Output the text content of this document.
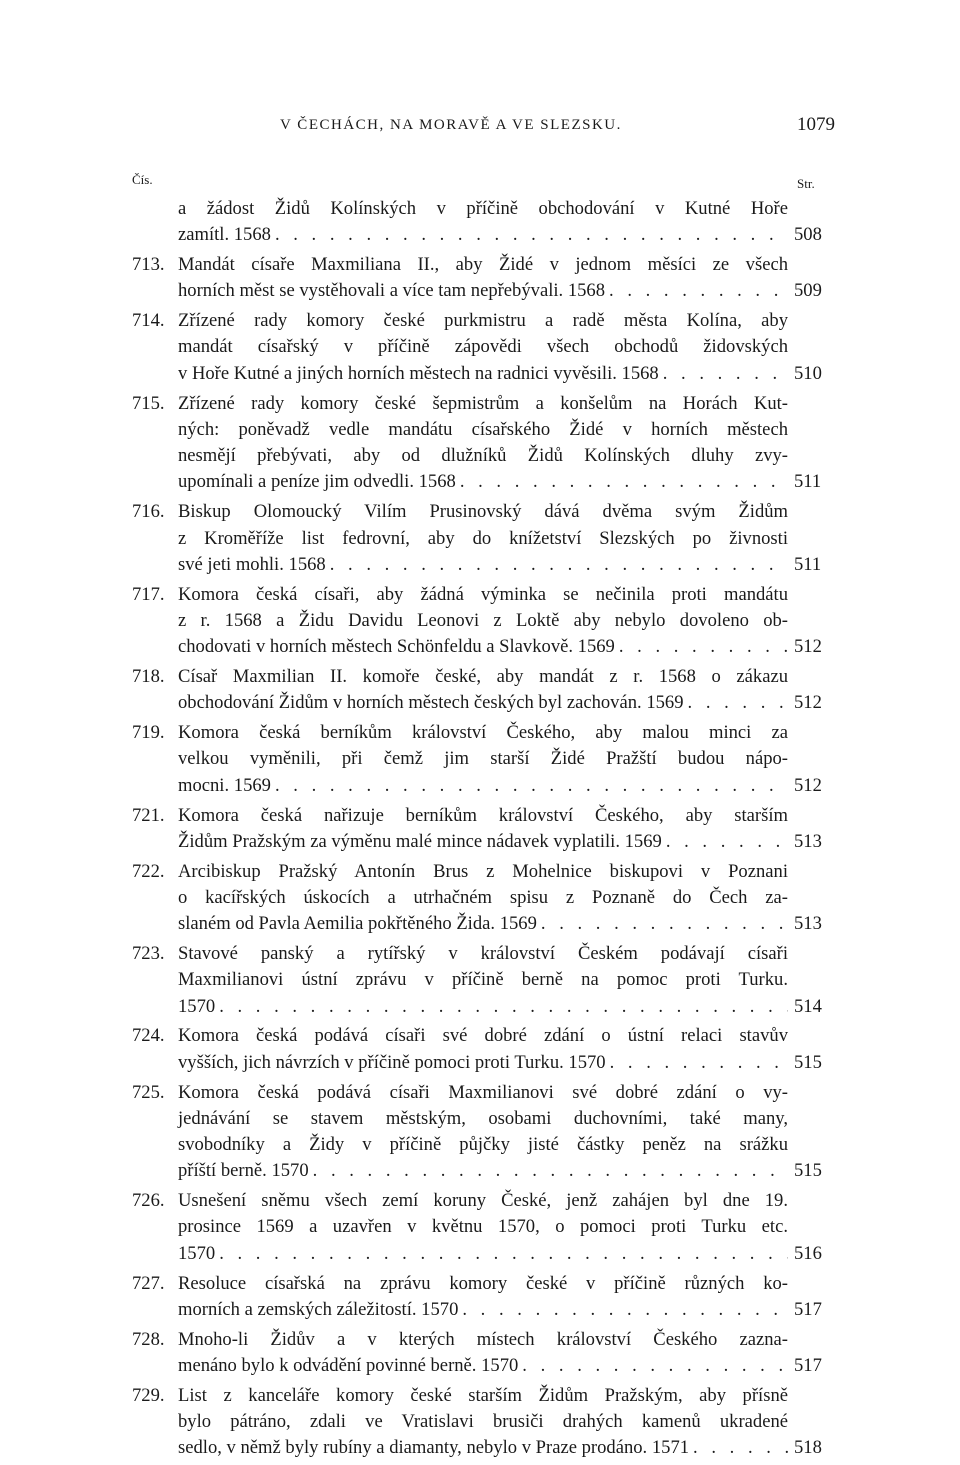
V ČECHÁCH, NA MORAVĚ A VE SLEZSKU.	1079
Čís.	Str.
a žádost Židů Kolínských v příčině obchodování v Kutné Hoře
zamítl. 1568 . . .	508
713. Mandát císaře Maxmiliana II., aby Židé v jednom měsíci ze všech
horních měst se vystěhovali a více tam nepřebývali. 1568 . . .	509
714. Zřízené rady komory české purkmistru a radě města Kolína, aby
mandát císařský v příčině zápovědi všech obchodů židovských
v Hoře Kutné a jiných horních městech na radnici vyvěsili. 1568 . . .	510
715. Zřízené rady komory české šepmistrům a konšelům na Horách Kut-
ných: poněvadž vedle mandátu císařského Židé v horních městech
nesmějí přebývati, aby od dlužníků Židů Kolínských dluhy zvy-
upomínali a peníze jim odvedli. 1568 . . .	511
716. Biskup Olomoucký Vilím Prusinovský dává dvěma svým Židům
z Kroměříže list fedrovní, aby do knížetství Slezských po živnosti
své jeti mohli. 1568 . . .	511
717. Komora česká císaři, aby žádná výminka se nečinila proti mandátu
z r. 1568 a Židu Davidu Leonovi z Loktě aby nebylo dovoleno ob-
chodovati v horních městech Schönfeldu a Slavkově. 1569 . . .	512
718. Císař Maxmilian II. komoře české, aby mandát z r. 1568 o zákazu
obchodování Židům v horních městech českých byl zachován. 1569 . . .	512
719. Komora česká berníkům království Českého, aby malou minci za
velkou vyměnili, při čemž jim starší Židé Pražští budou nápo-
mocni. 1569 . . .	512
721. Komora česká nařizuje berníkům království Českého, aby starším
Židům Pražským za výměnu malé mince nádavek vyplatili. 1569 . . .	513
722. Arcibiskup Pražský Antonín Brus z Mohelnice biskupovi v Poznani
o kacířských úskocích a utrhačném spisu z Poznaně do Čech za-
slaném od Pavla Aemilia pokřtěného Žida. 1569 . . .	513
723. Stavové panský a rytířský v království Českém podávají císaři
Maxmilianovi ústní zprávu v příčině berně na pomoc proti Turku.
1570 . . .	514
724. Komora česká podává císaři své dobré zdání o ústní relaci stavův
vyšších, jich návrzích v příčině pomoci proti Turku. 1570 . . .	515
725. Komora česká podává císaři Maxmilianovi své dobré zdání o vy-
jednávání se stavem městským, osobami duchovními, také many,
svobodníky a Židy v příčině půjčky jisté částky peněz na srážku
příští berně. 1570 . . .	515
726. Usnešení sněmu všech zemí koruny České, jenž zahájen byl dne 19.
prosince 1569 a uzavřen v květnu 1570, o pomoci proti Turku etc.
1570 . . .	516
727. Resoluce císařská na zprávu komory české v příčině různých ko-
morních a zemských záležitostí. 1570 . . .	517
728. Mnoho-li Židův a v kterých místech království Českého zazna-
menáno bylo k odvádění povinné berně. 1570 . . .	517
729. List z kanceláře komory české starším Židům Pražským, aby přísně
bylo pátráno, zdali ve Vratislavi brusiči drahých kamenů ukradené
sedlo, v němž byly rubíny a diamanty, nebylo v Praze prodáno. 1571 . . .	518
